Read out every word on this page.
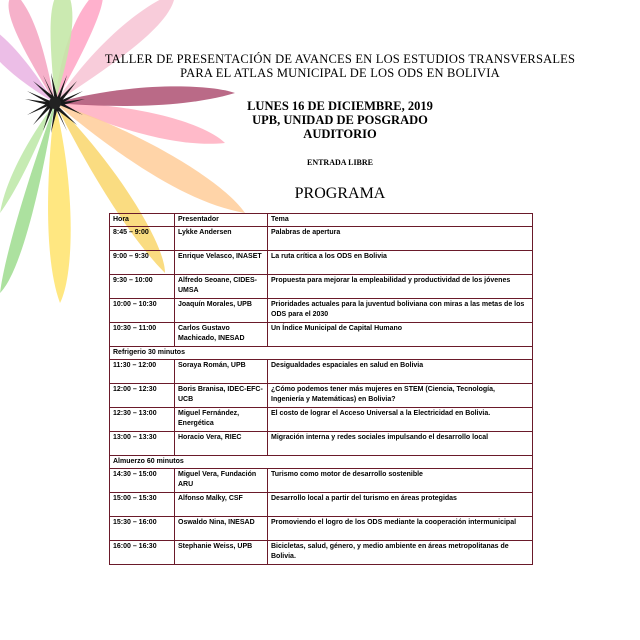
TALLER DE PRESENTACIÓN DE AVANCES EN LOS ESTUDIOS TRANSVERSALES
PARA EL ATLAS MUNICIPAL DE LOS ODS EN BOLIVIA
LUNES 16 DE DICIEMBRE, 2019
UPB, UNIDAD DE POSGRADO
AUDITORIO
ENTRADA LIBRE
PROGRAMA
Hora	Presentador	Tema
8:45 – 9:00	Lykke Andersen	Palabras de apertura
9:00 – 9:30	Enrique Velasco, INASET	La ruta crítica a los ODS en Bolivia
9:30 – 10:00	Alfredo Seoane, CIDES-UMSA	Propuesta para mejorar la empleabilidad y productividad de los jóvenes
10:00 – 10:30	Joaquín Morales, UPB	Prioridades actuales para la juventud boliviana con miras a las metas de los ODS para el 2030
10:30 – 11:00	Carlos Gustavo Machicado, INESAD	Un Índice Municipal de Capital Humano
Refrigerio 30 minutos		
11:30 – 12:00	Soraya Román, UPB	Desigualdades espaciales en salud en Bolivia
12:00 – 12:30	Boris Branisa, IDEC-EFC-UCB	¿Cómo podemos tener más mujeres en STEM (Ciencia, Tecnología, Ingeniería y Matemáticas) en Bolivia?
12:30 – 13:00	Miguel Fernández, Energética	El costo de lograr el Acceso Universal a la Electricidad en Bolivia.
13:00 – 13:30	Horacio Vera, RIEC	Migración interna y redes sociales impulsando el desarrollo local
Almuerzo 60 minutos		
14:30 – 15:00	Miguel Vera, Fundación ARU	Turismo como motor de desarrollo sostenible
15:00 – 15:30	Alfonso Malky, CSF	Desarrollo local a partir del turismo en áreas protegidas
15:30 – 16:00	Oswaldo Nina, INESAD	Promoviendo el logro de los ODS mediante la cooperación intermunicipal
16:00 – 16:30	Stephanie Weiss, UPB	Bicicletas, salud, género, y medio ambiente en áreas metropolitanas de Bolivia.
